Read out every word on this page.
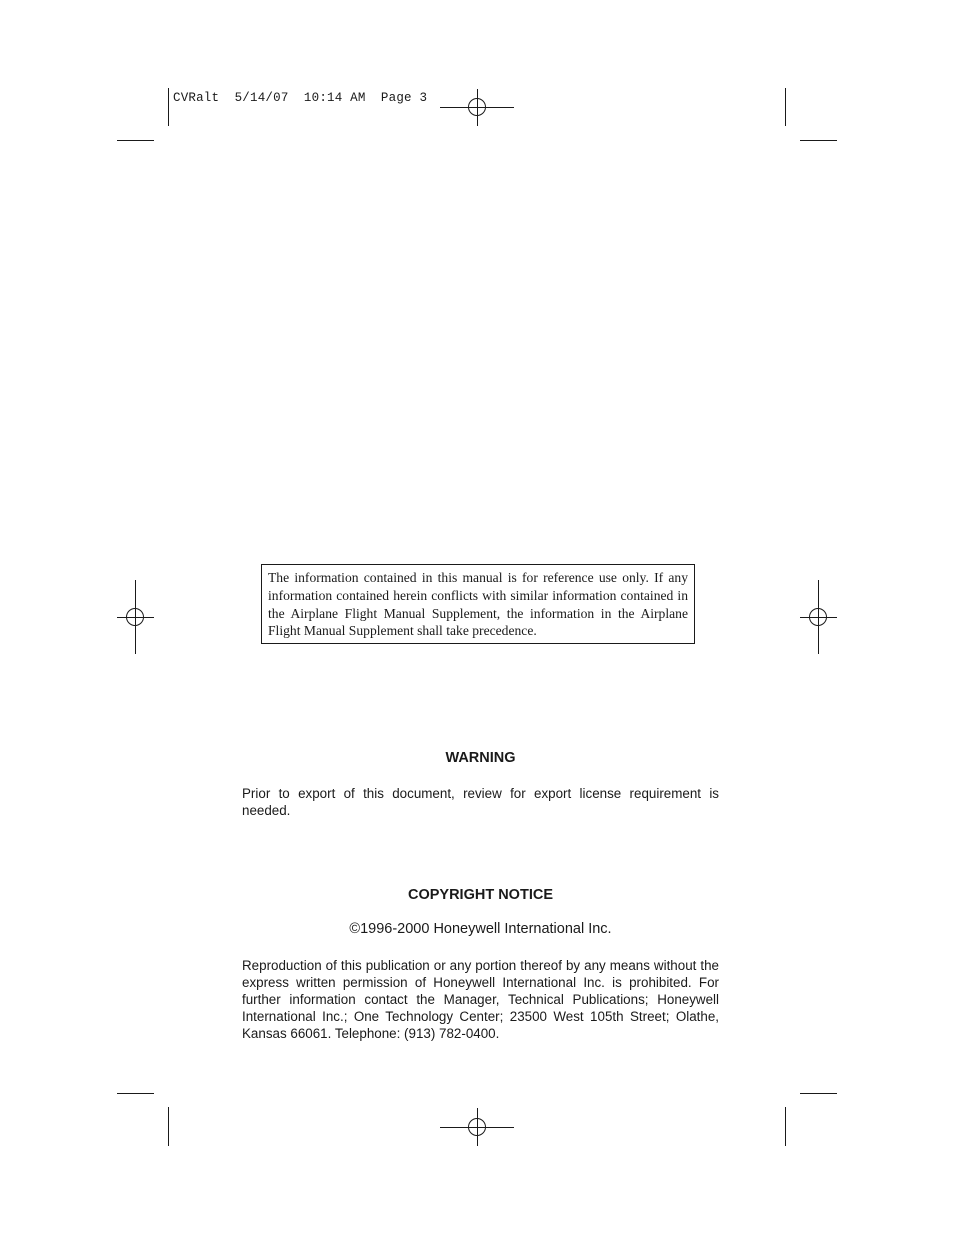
CVRalt  5/14/07  10:14 AM  Page 3
The information contained in this manual is for reference use only. If any information contained herein conflicts with similar information contained in the Airplane Flight Manual Supplement, the information in the Airplane Flight Manual Supplement shall take precedence.
WARNING
Prior to export of this document, review for export license requirement is needed.
COPYRIGHT NOTICE
©1996-2000 Honeywell International Inc.
Reproduction of this publication or any portion thereof by any means without the express written permission of Honeywell International Inc. is prohibited. For further information contact the Manager, Technical Publications; Honeywell International Inc.; One Technology Center; 23500 West 105th Street; Olathe, Kansas 66061. Telephone: (913) 782-0400.
